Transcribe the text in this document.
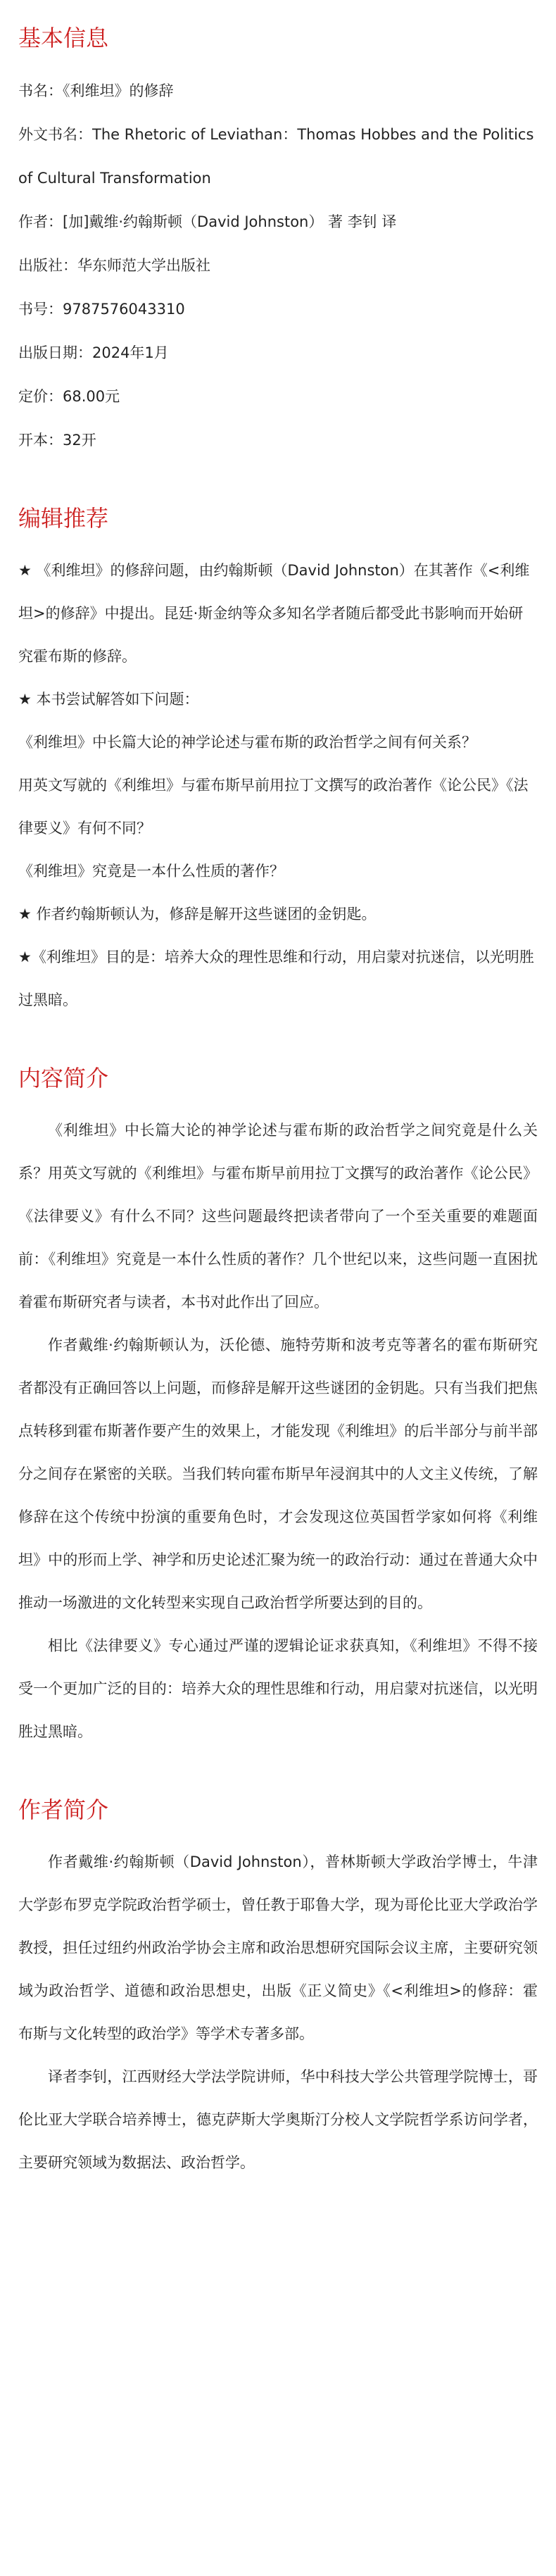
基本信息
书名：《利维坦》的修辞
外文书名：The Rhetoric of Leviathan：Thomas Hobbes and the Politics of Cultural Transformation
作者：[加]戴维·约翰斯顿（David Johnston） 著 李钊 译
出版社：华东师范大学出版社
书号：9787576043310
出版日期：2024年1月
定价：68.00元
开本：32开
编辑推荐

★ 《利维坦》的修辞问题，由约翰斯顿（David Johnston）在其著作《<利维坦>的修辞》中提出。昆廷·斯金纳等众多知名学者随后都受此书影响而开始研究霍布斯的修辞。

★ 本书尝试解答如下问题：

《利维坦》中长篇大论的神学论述与霍布斯的政治哲学之间有何关系？

用英文写就的《利维坦》与霍布斯早前用拉丁文撰写的政治著作《论公民》《法律要义》有何不同？

《利维坦》究竟是一本什么性质的著作？

★ 作者约翰斯顿认为，修辞是解开这些谜团的金钥匙。

★《利维坦》目的是：培养大众的理性思维和行动，用启蒙对抗迷信，以光明胜过黑暗。

内容简介

《利维坦》中长篇大论的神学论述与霍布斯的政治哲学之间究竟是什么关系？用英文写就的《利维坦》与霍布斯早前用拉丁文撰写的政治著作《论公民》《法律要义》有什么不同？这些问题最终把读者带向了一个至关重要的难题面前：《利维坦》究竟是一本什么性质的著作？几个世纪以来，这些问题一直困扰着霍布斯研究者与读者，本书对此作出了回应。

作者戴维·约翰斯顿认为，沃伦德、施特劳斯和波考克等著名的霍布斯研究者都没有正确回答以上问题，而修辞是解开这些谜团的金钥匙。只有当我们把焦点转移到霍布斯著作要产生的效果上，才能发现《利维坦》的后半部分与前半部分之间存在紧密的关联。当我们转向霍布斯早年浸润其中的人文主义传统，了解修辞在这个传统中扮演的重要角色时，才会发现这位英国哲学家如何将《利维坦》中的形而上学、神学和历史论述汇聚为统一的政治行动：通过在普通大众中推动一场激进的文化转型来实现自己政治哲学所要达到的目的。

相比《法律要义》专心通过严谨的逻辑论证求获真知，《利维坦》不得不接受一个更加广泛的目的：培养大众的理性思维和行动，用启蒙对抗迷信，以光明胜过黑暗。

作者简介

作者戴维·约翰斯顿（David Johnston），普林斯顿大学政治学博士，牛津大学彭布罗克学院政治哲学硕士，曾任教于耶鲁大学，现为哥伦比亚大学政治学教授，担任过纽约州政治学协会主席和政治思想研究国际会议主席，主要研究领域为政治哲学、道德和政治思想史，出版《正义简史》《<利维坦>的修辞：霍布斯与文化转型的政治学》等学术专著多部。

译者李钊，江西财经大学法学院讲师，华中科技大学公共管理学院博士，哥伦比亚大学联合培养博士，德克萨斯大学奥斯汀分校人文学院哲学系访问学者，主要研究领域为数据法、政治哲学。
